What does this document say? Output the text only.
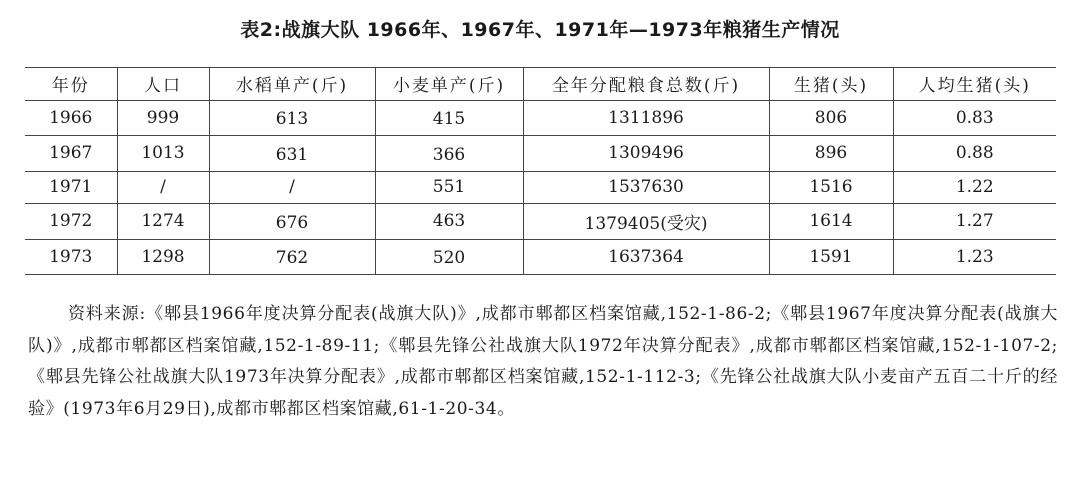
表2:战旗大队 1966年、1967年、1971年—1973年粮猪生产情况
年份	人口	水稻单产(斤)	小麦单产(斤)	全年分配粮食总数(斤)	生猪(头)	人均生猪(头)
1966	999	613	415	1311896	806	0.83
1967	1013	631	366	1309496	896	0.88
1971	/	/	551	1537630	1516	1.22
1972	1274	676	463	1379405(受灾)	1614	1.27
1973	1298	762	520	1637364	1591	1.23

资料来源:《郫县1966年度决算分配表(战旗大队)》,成都市郫都区档案馆藏,152-1-86-2;《郫县1967年度决算分配表(战旗大队)》,成都市郫都区档案馆藏,152-1-89-11;《郫县先锋公社战旗大队1972年决算分配表》,成都市郫都区档案馆藏,152-1-107-2;《郫县先锋公社战旗大队1973年决算分配表》,成都市郫都区档案馆藏,152-1-112-3;《先锋公社战旗大队小麦亩产五百二十斤的经验》(1973年6月29日),成都市郫都区档案馆藏,61-1-20-34。
